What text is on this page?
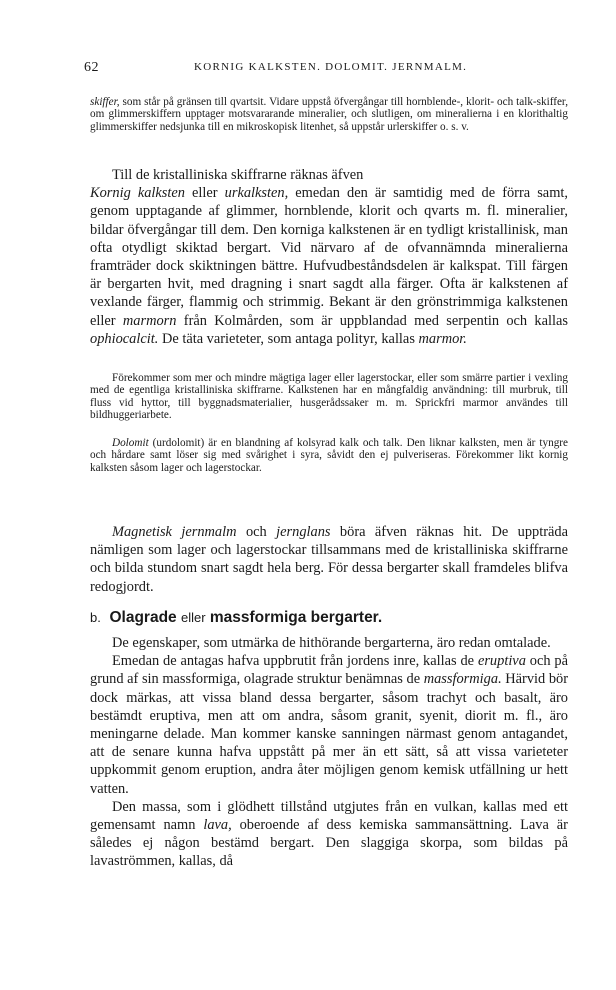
62	KORNIG KALKSTEN. DOLOMIT. JERNMALM.

skiffer, som står på gränsen till qvartsit. Vidare uppstå öfvergångar till hornblende-, klorit- och talk-skiffer, om glimmerskiffern upptager motsvararande mineralier, och slutligen, om mineralierna i en klorithaltig glimmerskiffer nedsjunka till en mikroskopisk litenhet, så uppstår urlerskiffer o. s. v.

Till de kristalliniska skiffrarne räknas äfven
Kornig kalksten eller urkalksten, emedan den är samtidig med de förra samt, genom upptagande af glimmer, hornblende, klorit och qvarts m. fl. mineralier, bildar öfvergångar till dem. Den korniga kalkstenen är en tydligt kristallinisk, man ofta otydligt skiktad bergart. Vid närvaro af de ofvannämnda mineralierna framträder dock skiktningen bättre. Hufvudbeståndsdelen är kalkspat. Till färgen är bergarten hvit, med dragning i snart sagdt alla färger. Ofta är kalkstenen af vexlande färger, flammig och strimmig. Bekant är den grönstrimmiga kalkstenen eller marmorn från Kolmården, som är uppblandad med serpentin och kallas ophiocalcit. De täta varieteter, som antaga polityr, kallas marmor.

Förekommer som mer och mindre mägtiga lager eller lagerstockar, eller som smärre partier i vexling med de egentliga kristalliniska skiffrarne. Kalkstenen har en mångfaldig användning: till murbruk, till fluss vid hyttor, till byggnadsmaterialier, husgerådssaker m. m. Sprickfri marmor användes till bildhuggeriarbete.

Dolomit (urdolomit) är en blandning af kolsyrad kalk och talk. Den liknar kalksten, men är tyngre och hårdare samt löser sig med svårighet i syra, såvidt den ej pulveriseras. Förekommer likt kornig kalksten såsom lager och lagerstockar.

Magnetisk jernmalm och jernglans böra äfven räknas hit. De uppträda nämligen som lager och lagerstockar tillsammans med de kristalliniska skiffrarne och bilda stundom snart sagdt hela berg. För dessa bergarter skall framdeles blifva redogjordt.

b. Olagrade eller massformiga bergarter.

De egenskaper, som utmärka de hithörande bergarterna, äro redan omtalade.

Emedan de antagas hafva uppbrutit från jordens inre, kallas de eruptiva och på grund af sin massformiga, olagrade struktur benämnas de massformiga. Härvid bör dock märkas, att vissa bland dessa bergarter, såsom trachyt och basalt, äro bestämdt eruptiva, men att om andra, såsom granit, syenit, diorit m. fl., äro meningarne delade. Man kommer kanske sanningen närmast genom antagandet, att de senare kunna hafva uppstått på mer än ett sätt, så att vissa varieteter uppkommit genom eruption, andra åter möjligen genom kemisk utfällning ur hett vatten.

Den massa, som i glödhett tillstånd utgjutes från en vulkan, kallas med ett gemensamt namn lava, oberoende af dess kemiska sammansättning. Lava är således ej någon bestämd bergart. Den slaggiga skorpa, som bildas på lavaströmmen, kallas, då
